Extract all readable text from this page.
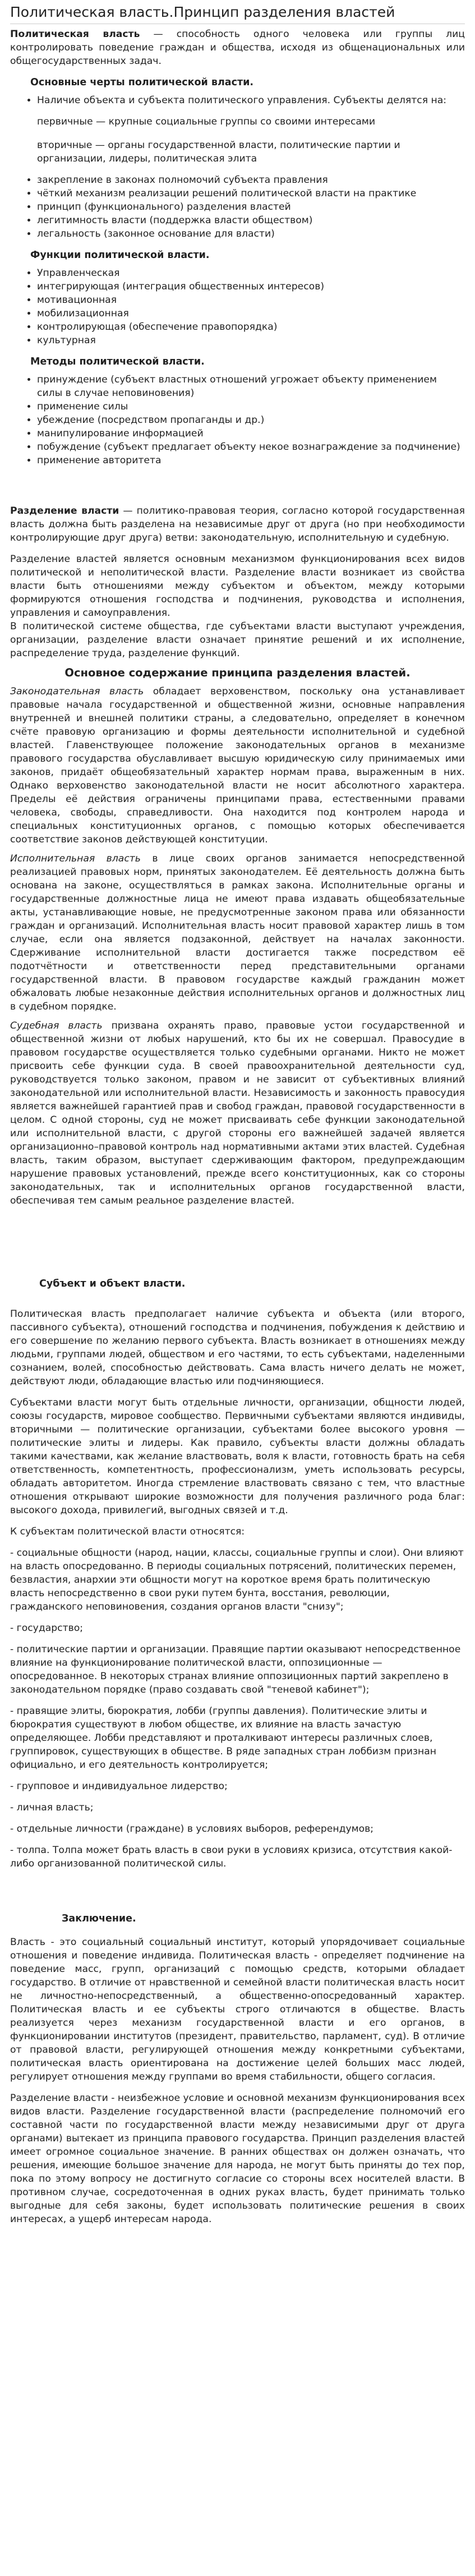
Политическая власть.Принцип разделения властей

Политическая власть — способность одного человека или группы лиц контролировать поведение граждан и общества, исходя из общенациональных или общегосударственных задач.

Основные черты политической власти.
• Наличие объекта и субъекта политического управления. Субъекты делятся на:
первичные — крупные социальные группы со своими интересами
вторичные — органы государственной власти, политические партии и организации, лидеры, политическая элита
• закрепление в законах полномочий субъекта правления
• чёткий механизм реализации решений политической власти на практике
• принцип (функционального) разделения властей
• легитимность власти (поддержка власти обществом)
• легальность (законное основание для власти)
Функции политической власти.
• Управленческая
• интегрирующая (интеграция общественных интересов)
• мотивационная
• мобилизационная
• контролирующая (обеспечение правопорядка)
• культурная
Методы политической власти.
• принуждение (субъект властных отношений угрожает объекту применением силы в случае неповиновения)
• применение силы
• убеждение (посредством пропаганды и др.)
• манипулирование информацией
• побуждение (субъект предлагает объекту некое вознаграждение за подчинение)
• применение авторитета

Разделение власти — политико-правовая теория, согласно которой государственная власть должна быть разделена на независимые друг от друга (но при необходимости контролирующие друг друга) ветви: законодательную, исполнительную и судебную.

Разделение властей является основным механизмом функционирования всех видов политической и неполитической власти. Разделение власти возникает из свойства власти быть отношениями между субъектом и объектом, между которыми формируются отношения господства и подчинения, руководства и исполнения, управления и самоуправления.

В политической системе общества, где субъектами власти выступают учреждения, организации, разделение власти означает принятие решений и их исполнение, распределение труда, разделение функций.

Основное содержание принципа разделения властей.

Законодательная власть обладает верховенством, поскольку она устанавливает правовые начала государственной и общественной жизни, основные направления внутренней и внешней политики страны, а следовательно, определяет в конечном счёте правовую организацию и формы деятельности исполнительной и судебной властей. Главенствующее положение законодательных органов в механизме правового государства обуславливает высшую юридическую силу принимаемых ими законов, придаёт общеобязательный характер нормам права, выраженным в них. Однако верховенство законодательной власти не носит абсолютного характера. Пределы её действия ограничены принципами права, естественными правами человека, свободы, справедливости. Она находится под контролем народа и специальных конституционных органов, с помощью которых обеспечивается соответствие законов действующей конституции.

Исполнительная власть в лице своих органов занимается непосредственной реализацией правовых норм, принятых законодателем. Её деятельность должна быть основана на законе, осуществляться в рамках закона. Исполнительные органы и государственные должностные лица не имеют права издавать общеобязательные акты, устанавливающие новые, не предусмотренные законом права или обязанности граждан и организаций. Исполнительная власть носит правовой характер лишь в том случае, если она является подзаконной, действует на началах законности. Сдерживание исполнительной власти достигается также посредством её подотчётности и ответственности перед представительными органами государственной власти. В правовом государстве каждый гражданин может обжаловать любые незаконные действия исполнительных органов и должностных лиц в судебном порядке.

Судебная власть призвана охранять право, правовые устои государственной и общественной жизни от любых нарушений, кто бы их не совершал. Правосудие в правовом государстве осуществляется только судебными органами. Никто не может присвоить себе функции суда. В своей правоохранительной деятельности суд, руководствуется только законом, правом и не зависит от субъективных влияний законодательной или исполнительной власти. Независимость и законность правосудия является важнейшей гарантией прав и свобод граждан, правовой государственности в целом. С одной стороны, суд не может присваивать себе функции законодательной или исполнительной власти, с другой стороны его важнейшей задачей является организационно–правовой контроль над нормативными актами этих властей. Судебная власть, таким образом, выступает сдерживающим фактором, предупреждающим нарушение правовых установлений, прежде всего конституционных, как со стороны законодательных, так и исполнительных органов государственной власти, обеспечивая тем самым реальное разделение властей.

Субъект и объект власти.

Политическая власть предполагает наличие субъекта и объекта (или второго, пассивного субъекта), отношений господства и подчинения, побуждения к действию и его совершение по желанию первого субъекта. Власть возникает в отношениях между людьми, группами людей, обществом и его частями, то есть субъектами, наделенными сознанием, волей, способностью действовать. Сама власть ничего делать не может, действуют люди, обладающие властью или подчиняющиеся.

Субъектами власти могут быть отдельные личности, организации, общности людей, союзы государств, мировое сообщество. Первичными субъектами являются индивиды, вторичными — политические организации, субъектами более высокого уровня — политические элиты и лидеры. Как правило, субъекты власти должны обладать такими качествами, как желание властвовать, воля к власти, готовность брать на себя ответственность, компетентность, профессионализм, уметь использовать ресурсы, обладать авторитетом. Иногда стремление властвовать связано с тем, что властные отношения открывают широкие возможности для получения различного рода благ: высокого дохода, привилегий, выгодных связей и т.д.

К субъектам политической власти относятся:

- социальные общности (народ, нации, классы, социальные группы и слои). Они влияют на власть опосредованно. В периоды социальных потрясений, политических перемен, безвластия, анархии эти общности могут на короткое время брать политическую власть непосредственно в свои руки путем бунта, восстания, революции, гражданского неповиновения, создания органов власти "снизу";

- государство;

- политические партии и организации. Правящие партии оказывают непосредственное влияние на функционирование политической власти, оппозиционные —опосредованное. В некоторых странах влияние оппозиционных партий закреплено в законодательном порядке (право создавать свой "теневой кабинет");

- правящие элиты, бюрократия, лобби (группы давления). Политические элиты и бюрократия существуют в любом обществе, их влияние на власть зачастую определяющее. Лобби представляют и проталкивают интересы различных слоев, группировок, существующих в обществе. В ряде западных стран лоббизм признан официально, и его деятельность контролируется;

- групповое и индивидуальное лидерство;

- личная власть;

- отдельные личности (граждане) в условиях выборов, референдумов;

- толпа. Толпа может брать власть в свои руки в условиях кризиса, отсутствия какой-либо организованной политической силы.

Заключение.

Власть - это социальный социальный институт, который упорядочивает социальные отношения и поведение индивида. Политическая власть - определяет подчинение на поведение масс, групп, организаций с помощью средств, которыми обладает государство. В отличие от нравственной и семейной власти политическая власть носит не личностно-непосредственный, а общественно-опосредованный характер. Политическая власть и ее субъекты строго отличаются в обществе. Власть реализуется через механизм государственной власти и его органов, в функционировании институтов (президент, правительство, парламент, суд). В отличие от правовой власти, регулирующей отношения между конкретными субъектами, политическая власть ориентирована на достижение целей больших масс людей, регулирует отношения между группами во время стабильности, общего согласия.

Разделение власти - неизбежное условие и основной механизм функционирования всех видов власти. Разделение государственной власти (распределение полномочий его составной части по государственной власти между независимыми друг от друга органами) вытекает из принципа правового государства. Принцип разделения властей имеет огромное социальное значение. В ранних обществах он должен означать, что решения, имеющие большое значение для народа, не могут быть приняты до тех пор, пока по этому вопросу не достигнуто согласие со стороны всех носителей власти. В противном случае, сосредоточенная в одних руках власть, будет принимать только выгодные для себя законы, будет использовать политические решения в своих интересах, а ущерб интересам народа.
